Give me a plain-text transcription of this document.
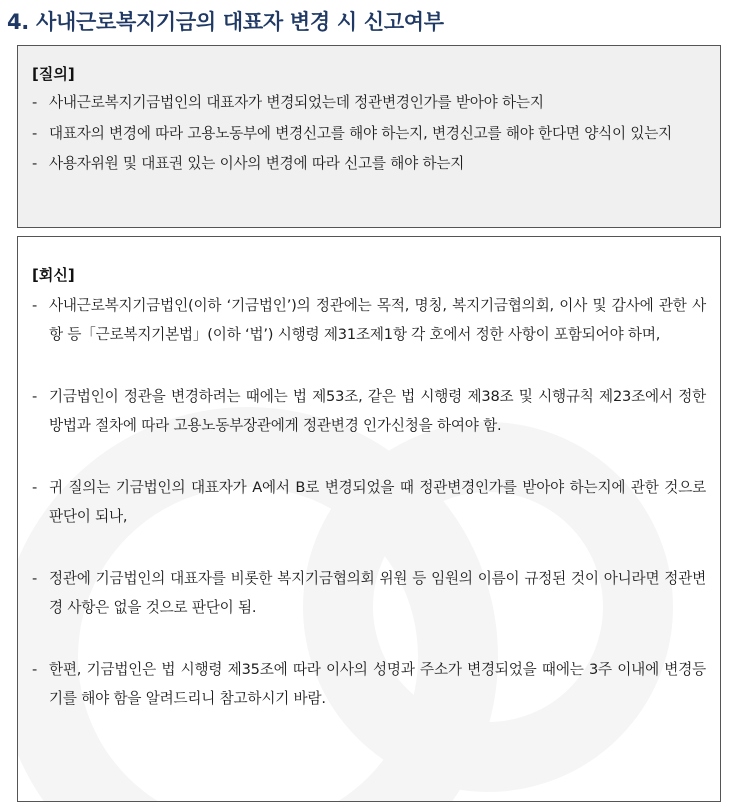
4. 사내근로복지기금의 대표자 변경 시 신고여부
[질의]
- 사내근로복지기금법인의 대표자가 변경되었는데 정관변경인가를 받아야 하는지
- 대표자의 변경에 따라 고용노동부에 변경신고를 해야 하는지, 변경신고를 해야 한다면 양식이 있는지
- 사용자위원 및 대표권 있는 이사의 변경에 따라 신고를 해야 하는지
[회신]
- 사내근로복지기금법인(이하 ‘기금법인’)의 정관에는 목적, 명칭, 복지기금협의회, 이사 및 감사에 관한 사항 등「근로복지기본법」(이하 ‘법’) 시행령 제31조제1항 각 호에서 정한 사항이 포함되어야 하며,
- 기금법인이 정관을 변경하려는 때에는 법 제53조, 같은 법 시행령 제38조 및 시행규칙 제23조에서 정한 방법과 절차에 따라 고용노동부장관에게 정관변경 인가신청을 하여야 함.
- 귀 질의는 기금법인의 대표자가 A에서 B로 변경되었을 때 정관변경인가를 받아야 하는지에 관한 것으로 판단이 되나,
- 정관에 기금법인의 대표자를 비롯한 복지기금협의회 위원 등 임원의 이름이 규정된 것이 아니라면 정관변경 사항은 없을 것으로 판단이 됨.
- 한편, 기금법인은 법 시행령 제35조에 따라 이사의 성명과 주소가 변경되었을 때에는 3주 이내에 변경등기를 해야 함을 알려드리니 참고하시기 바람.
